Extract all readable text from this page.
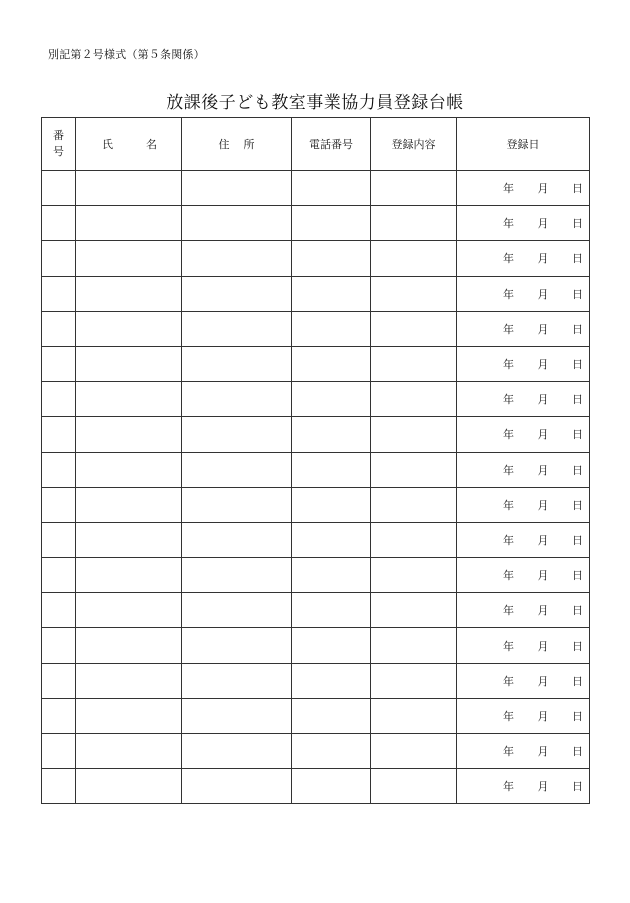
別記第２号様式（第５条関係）
放課後子ども教室事業協力員登録台帳
番
号	氏 名	住 所	電話番号	登録内容	登録日

					年 月 日

					年 月 日

					年 月 日

					年 月 日

					年 月 日

					年 月 日

					年 月 日

					年 月 日

					年 月 日

					年 月 日

					年 月 日

					年 月 日

					年 月 日

					年 月 日

					年 月 日

					年 月 日

					年 月 日

					年 月 日
